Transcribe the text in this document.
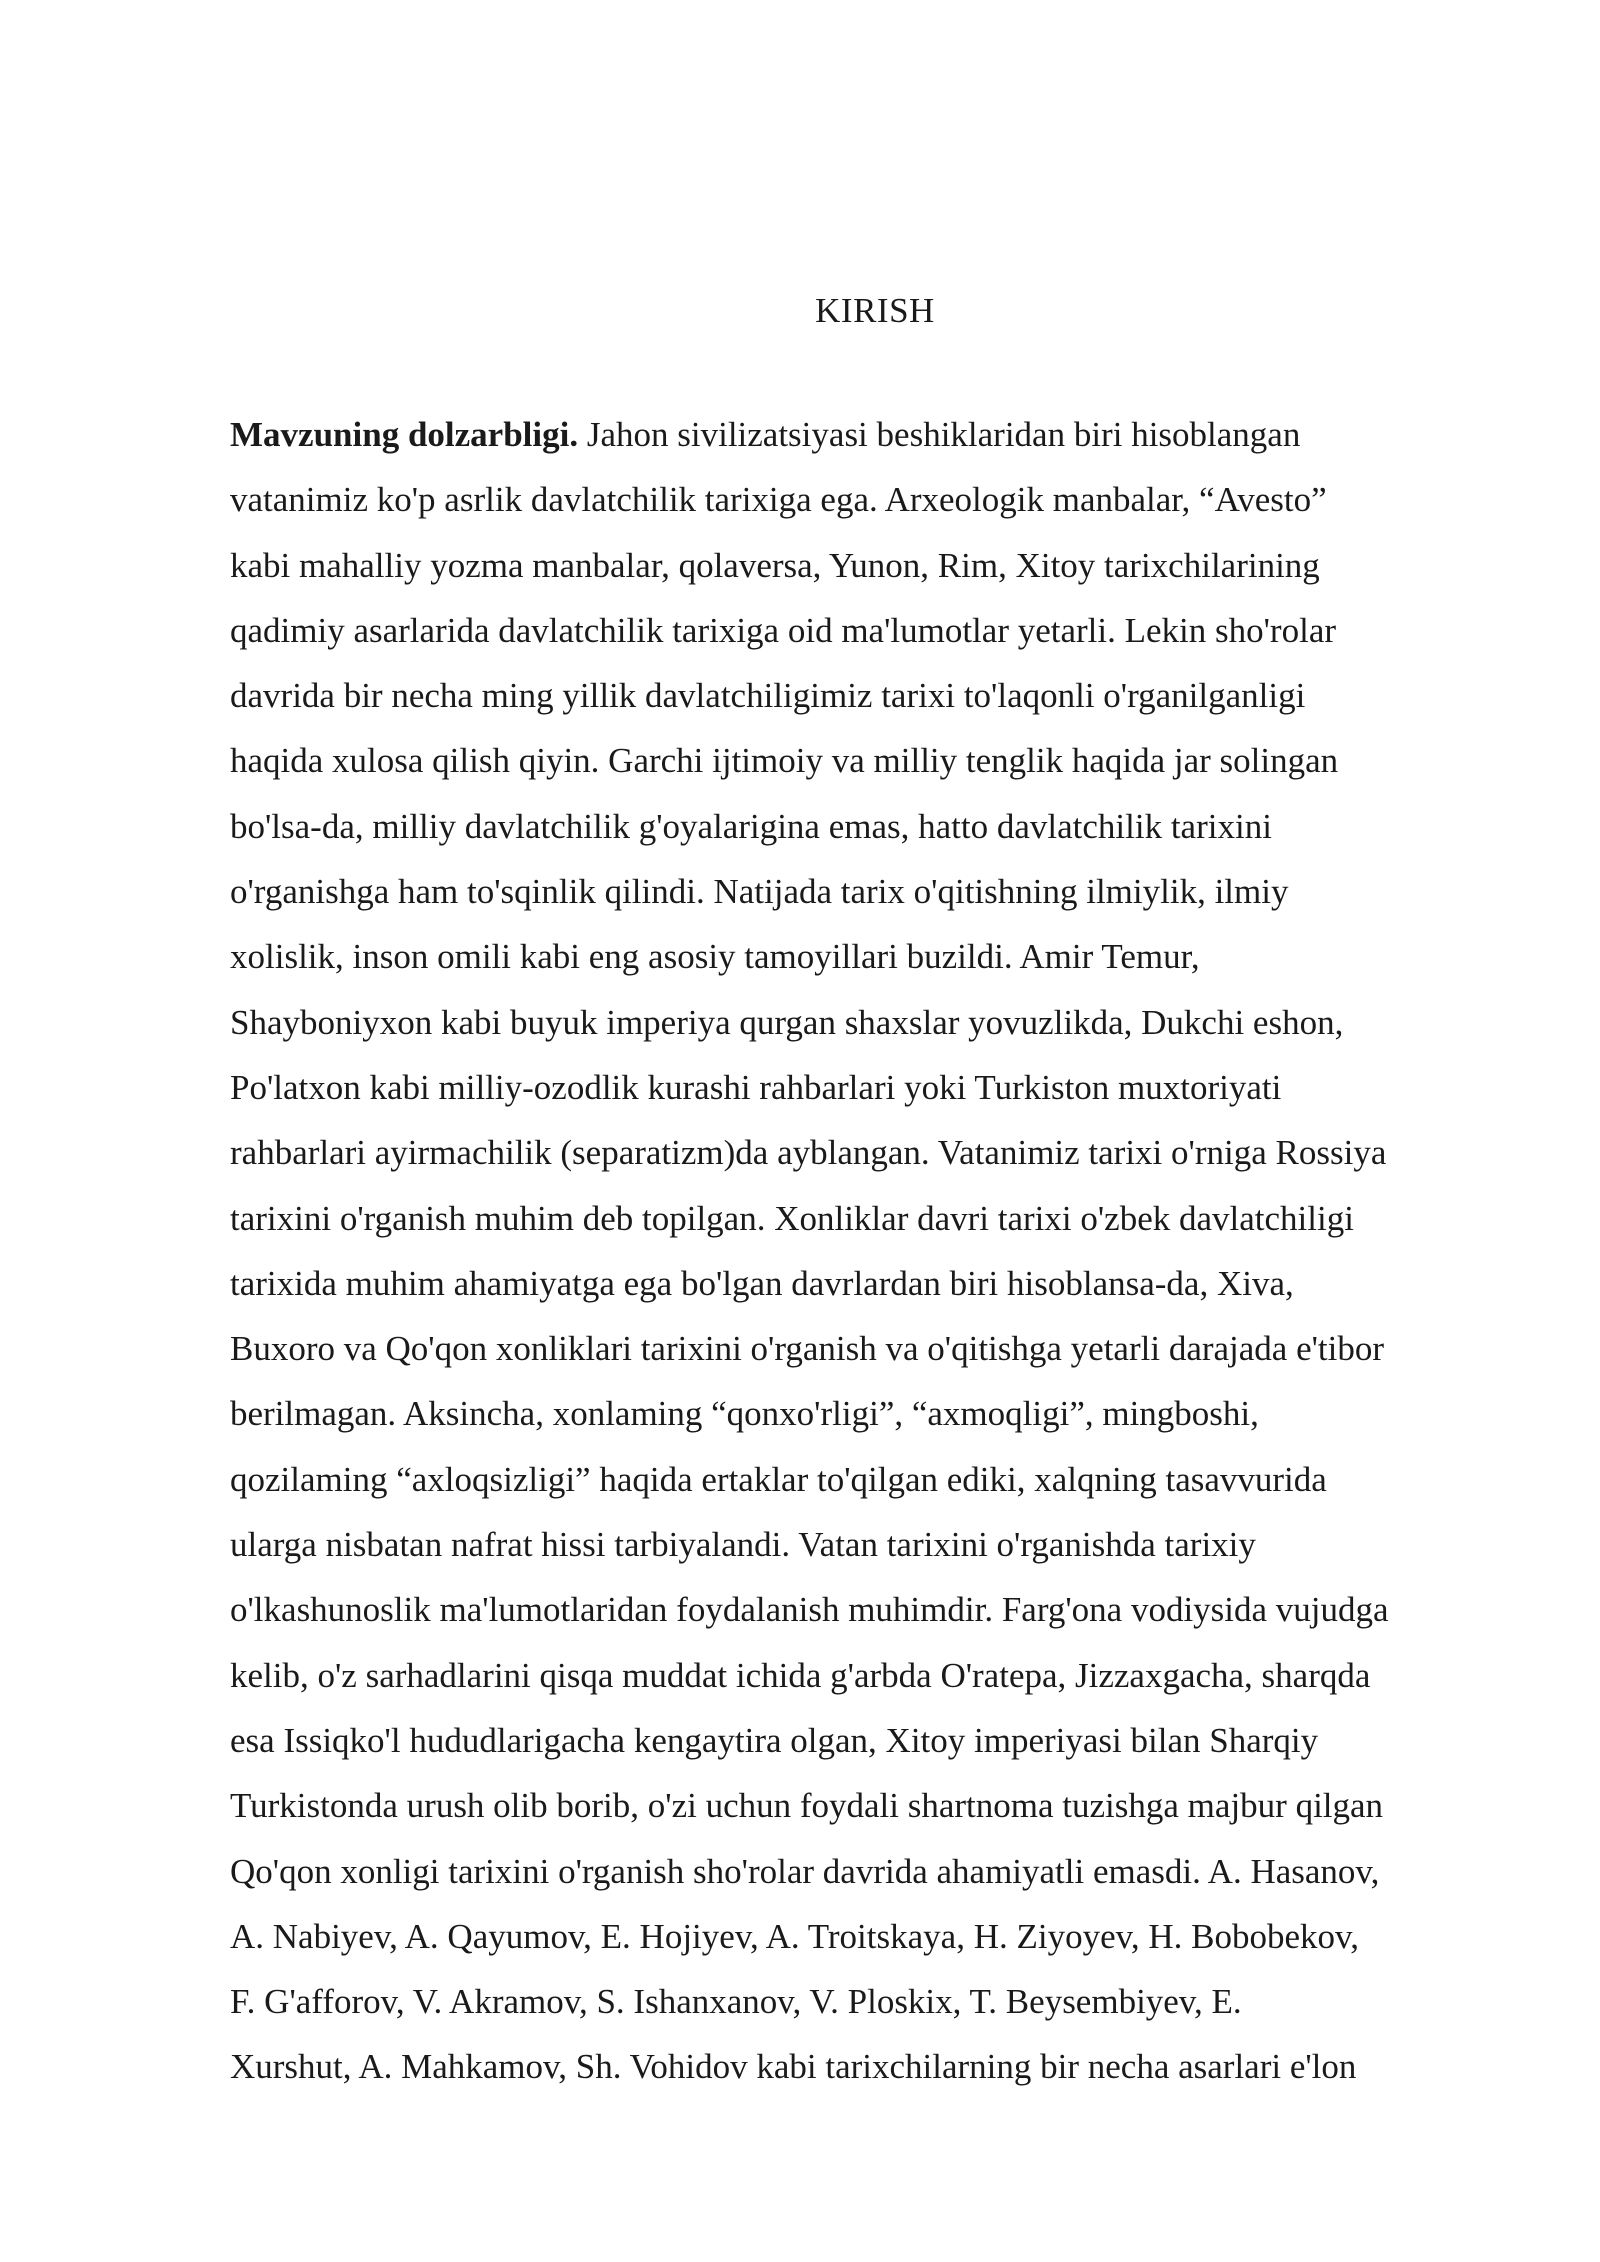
KIRISH
Mavzuning dolzarbligi. Jahon sivilizatsiyasi beshiklaridan biri hisoblangan
vatanimiz ko'p asrlik davlatchilik tarixiga ega. Arxeologik manbalar, “Avesto”
kabi mahalliy yozma manbalar, qolaversa, Yunon, Rim, Xitoy tarixchilarining
qadimiy asarlarida davlatchilik tarixiga oid ma'lumotlar yetarli. Lekin sho'rolar
davrida bir necha ming yillik davlatchiligimiz tarixi to'laqonli o'rganilganligi
haqida xulosa qilish qiyin. Garchi ijtimoiy va milliy tenglik haqida jar solingan
bo'lsa-da, milliy davlatchilik g'oyalarigina emas, hatto davlatchilik tarixini
o'rganishga ham to'sqinlik qilindi. Natijada tarix o'qitishning ilmiylik, ilmiy
xolislik, inson omili kabi eng asosiy tamoyillari buzildi. Amir Temur,
Shayboniyxon kabi buyuk imperiya qurgan shaxslar yovuzlikda, Dukchi eshon,
Po'latxon kabi milliy-ozodlik kurashi rahbarlari yoki Turkiston muxtoriyati
rahbarlari ayirmachilik (separatizm)da ayblangan. Vatanimiz tarixi o'rniga Rossiya
tarixini o'rganish muhim deb topilgan. Xonliklar davri tarixi o'zbek davlatchiligi
tarixida muhim ahamiyatga ega bo'lgan davrlardan biri hisoblansa-da, Xiva,
Buxoro va Qo'qon xonliklari tarixini o'rganish va o'qitishga yetarli darajada e'tibor
berilmagan. Aksincha, xonlaming “qonxo'rligi”, “axmoqligi”, mingboshi,
qozilaming “axloqsizligi” haqida ertaklar to'qilgan ediki, xalqning tasavvurida
ularga nisbatan nafrat hissi tarbiyalandi. Vatan tarixini o'rganishda tarixiy
o'lkashunoslik ma'lumotlaridan foydalanish muhimdir. Farg'ona vodiysida vujudga
kelib, o'z sarhadlarini qisqa muddat ichida g'arbda O'ratepa, Jizzaxgacha, sharqda
esa Issiqko'l hududlarigacha kengaytira olgan, Xitoy imperiyasi bilan Sharqiy
Turkistonda urush olib borib, o'zi uchun foydali shartnoma tuzishga majbur qilgan
Qo'qon xonligi tarixini o'rganish sho'rolar davrida ahamiyatli emasdi. A. Hasanov,
A. Nabiyev, A. Qayumov, E. Hojiyev, A. Troitskaya, H. Ziyoyev, H. Bobobekov,
F. G'afforov, V. Akramov, S. Ishanxanov, V. Ploskix, T. Beysembiyev, E.
Xurshut, A. Mahkamov, Sh. Vohidov kabi tarixchilarning bir necha asarlari e'lon
